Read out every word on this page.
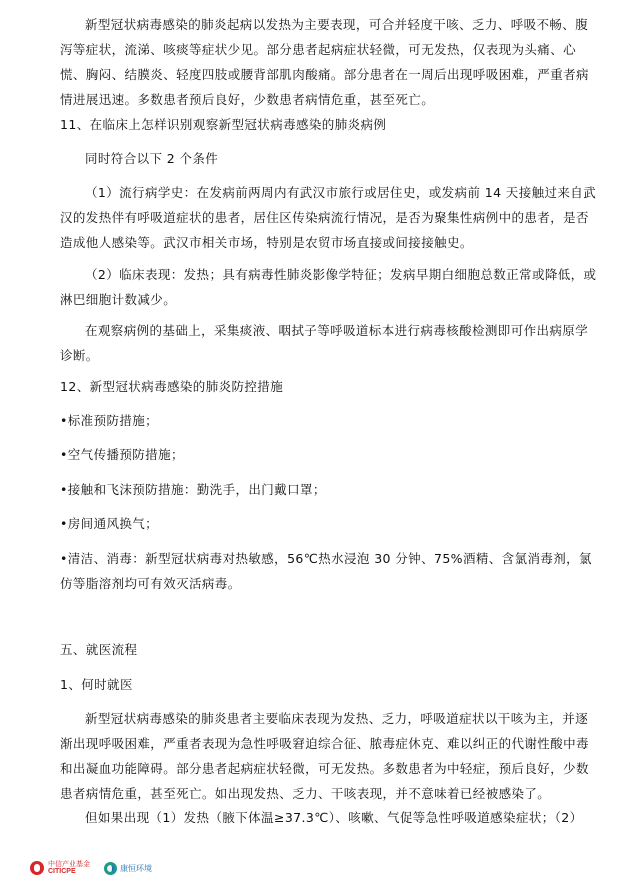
新型冠状病毒感染的肺炎起病以发热为主要表现，可合并轻度干咳、乏力、呼吸不畅、腹泻等症状，流涕、咳痰等症状少见。部分患者起病症状轻微，可无发热，仅表现为头痛、心慌、胸闷、结膜炎、轻度四肢或腰背部肌肉酸痛。部分患者在一周后出现呼吸困难，严重者病情进展迅速。多数患者预后良好，少数患者病情危重，甚至死亡。

11、在临床上怎样识别观察新型冠状病毒感染的肺炎病例

同时符合以下 2 个条件

（1）流行病学史：在发病前两周内有武汉市旅行或居住史，或发病前 14 天接触过来自武汉的发热伴有呼吸道症状的患者，居住区传染病流行情况，是否为聚集性病例中的患者，是否造成他人感染等。武汉市相关市场，特别是农贸市场直接或间接接触史。

（2）临床表现：发热；具有病毒性肺炎影像学特征；发病早期白细胞总数正常或降低，或淋巴细胞计数减少。

在观察病例的基础上，采集痰液、咽拭子等呼吸道标本进行病毒核酸检测即可作出病原学诊断。

12、新型冠状病毒感染的肺炎防控措施

•标准预防措施；

•空气传播预防措施；

•接触和飞沫预防措施：勤洗手，出门戴口罩；

•房间通风换气；

•清洁、消毒：新型冠状病毒对热敏感，56℃热水浸泡 30 分钟、75%酒精、含氯消毒剂，氯仿等脂溶剂均可有效灭活病毒。

五、就医流程

1、何时就医

新型冠状病毒感染的肺炎患者主要临床表现为发热、乏力，呼吸道症状以干咳为主，并逐渐出现呼吸困难，严重者表现为急性呼吸窘迫综合征、脓毒症休克、难以纠正的代谢性酸中毒和出凝血功能障碍。部分患者起病症状轻微，可无发热。多数患者为中轻症，预后良好，少数患者病情危重，甚至死亡。如出现发热、乏力、干咳表现，并不意味着已经被感染了。

但如果出现（1）发热（腋下体温≥37.3℃）、咳嗽、气促等急性呼吸道感染症状；（2）

中信产业基金
CITICPE	康恒环境
